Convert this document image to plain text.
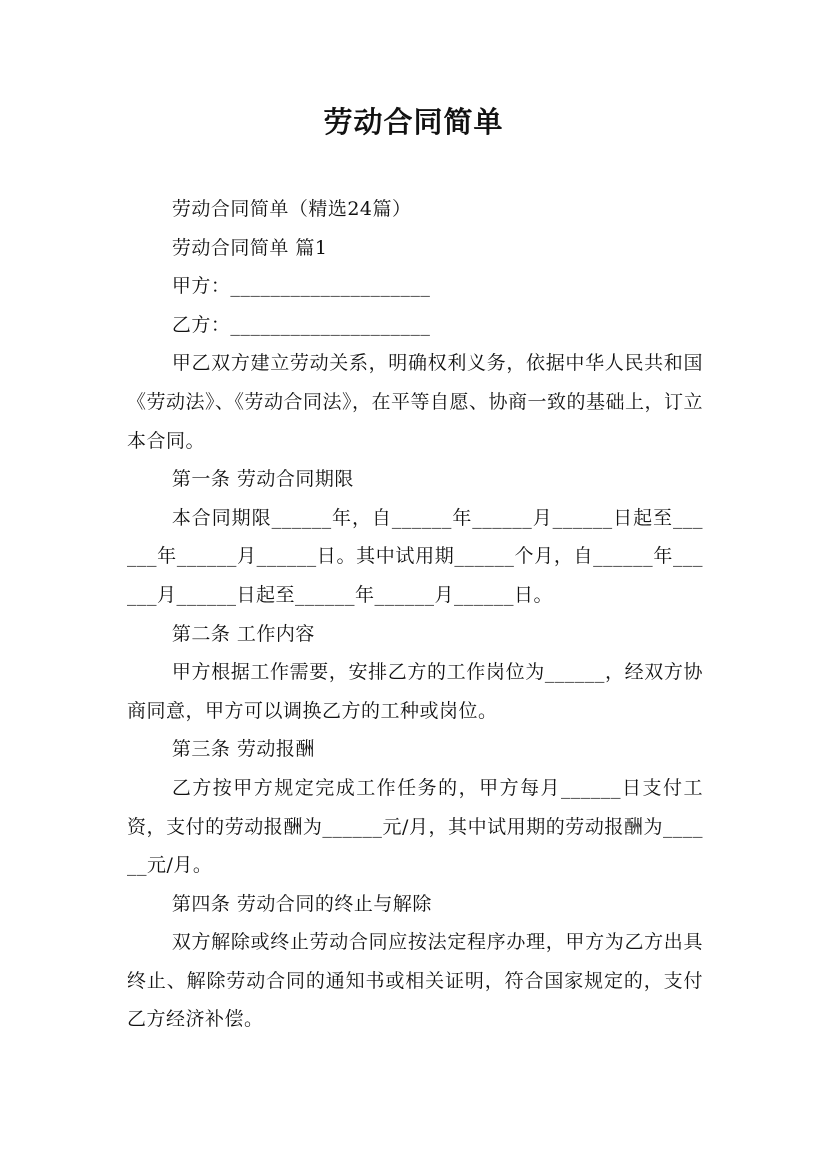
劳动合同简单

劳动合同简单（精选24篇）

劳动合同简单 篇1

甲方：____________________

乙方：____________________

甲乙双方建立劳动关系，明确权利义务，依据中华人民共和国《劳动法》、《劳动合同法》，在平等自愿、协商一致的基础上，订立本合同。

第一条 劳动合同期限

本合同期限______年，自______年______月______日起至______年______月______日。其中试用期______个月，自______年______月______日起至______年______月______日。

第二条 工作内容

甲方根据工作需要，安排乙方的工作岗位为______，经双方协商同意，甲方可以调换乙方的工种或岗位。

第三条 劳动报酬

乙方按甲方规定完成工作任务的，甲方每月______日支付工资，支付的劳动报酬为______元/月，其中试用期的劳动报酬为______元/月。

第四条 劳动合同的终止与解除

双方解除或终止劳动合同应按法定程序办理，甲方为乙方出具终止、解除劳动合同的通知书或相关证明，符合国家规定的，支付乙方经济补偿。
